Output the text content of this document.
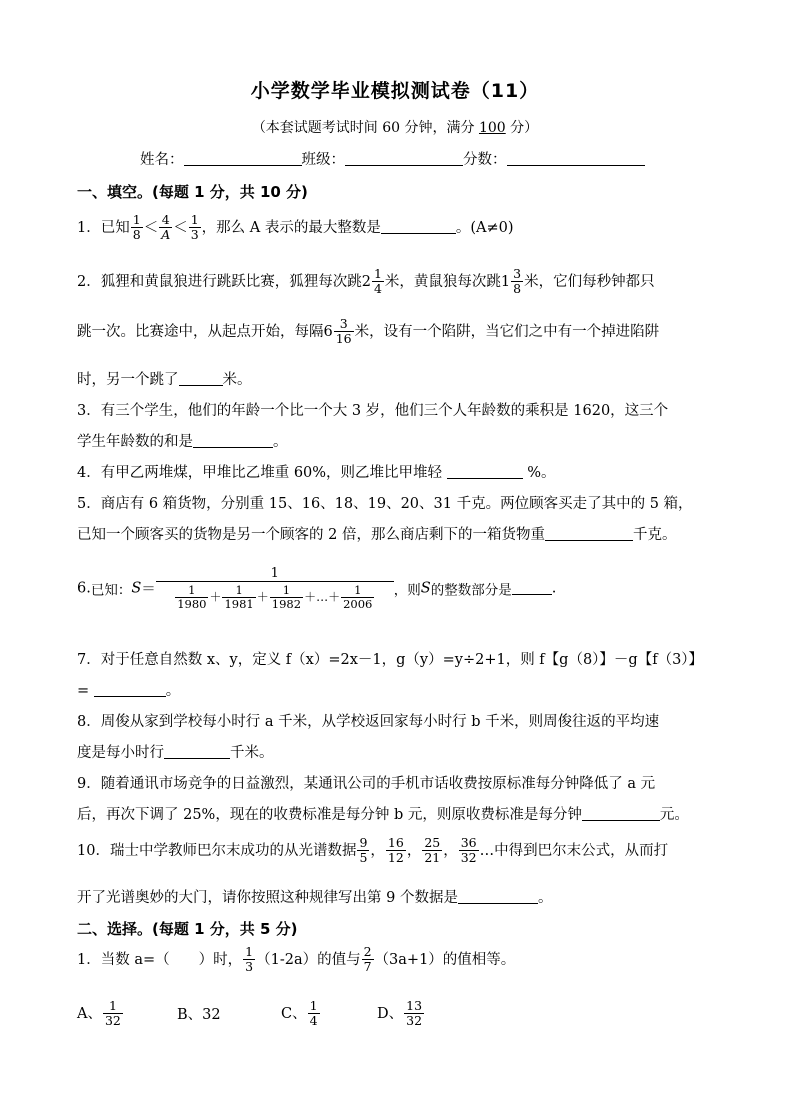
小学数学毕业模拟测试卷（11）
（本套试题考试时间 60 分钟，满分 100 分）
姓名：	班级：	分数：
一、填空。(每题 1 分，共 10 分)
1．已知 $\frac{1}{8} < \frac{4}{A} < \frac{1}{3}$ ，那么 A 表示的最大整数是	。(A≠0)
2．狐狸和黄鼠狼进行跳跃比赛，狐狸每次跳$2 \frac{1}{4}$ 米，黄鼠狼每次跳$1 \frac{3}{8}$ 米，它们每秒钟都只
跳一次。比赛途中，从起点开始，每隔$6 \frac{3}{16}$ 米，设有一个陷阱，当它们之中有一个掉进陷阱
时，另一个跳了	米。
3．有三个学生，他们的年龄一个比一个大 3 岁，他们三个人年龄数的乘积是 1620，这三个
学生年龄数的和是	。
4．有甲乙两堆煤，甲堆比乙堆重 60%，则乙堆比甲堆轻	%。
5．商店有 6 箱货物，分别重 15、16、18、19、20、31 千克。两位顾客买走了其中的 5 箱，
已知一个顾客买的货物是另一个顾客的 2 倍，那么商店剩下的一箱货物重	千克。
6.已知：$S= \frac{1}{\frac{1}{1980} + \frac{1}{1981} + \frac{1}{1982} +\dots+ \frac{1}{2006}}$ ，则S的整数部分是	.
7．对于任意自然数 x、y，定义 f（x）=2x－1，g（y）=y÷2+1，则 f【g（8）】－g【f（3）】
=	。
8．周俊从家到学校每小时行 a 千米，从学校返回家每小时行 b 千米，则周俊往返的平均速
度是每小时行	千米。
9．随着通讯市场竞争的日益激烈，某通讯公司的手机市话收费按原标准每分钟降低了 a 元
后，再次下调了 25%，现在的收费标准是每分钟 b 元，则原收费标准是每分钟	元。
10．瑞士中学教师巴尔末成功的从光谱数据 $\frac{9}{5}$ ， $\frac{16}{12}$ ， $\frac{25}{21}$ ， $\frac{36}{32}$ …中得到巴尔末公式，从而打
开了光谱奥妙的大门，请你按照这种规律写出第 9 个数据是	。
二、选择。(每题 1 分，共 5 分)
1．当数 a=（　　）时， $\frac{1}{3} (1-2a)$的值与 $\frac{2}{7} (3a+1)$的值相等。
A、 $\frac{1}{32}$	B、32	C、 $\frac{1}{4}$	D、 $\frac{13}{32}$
